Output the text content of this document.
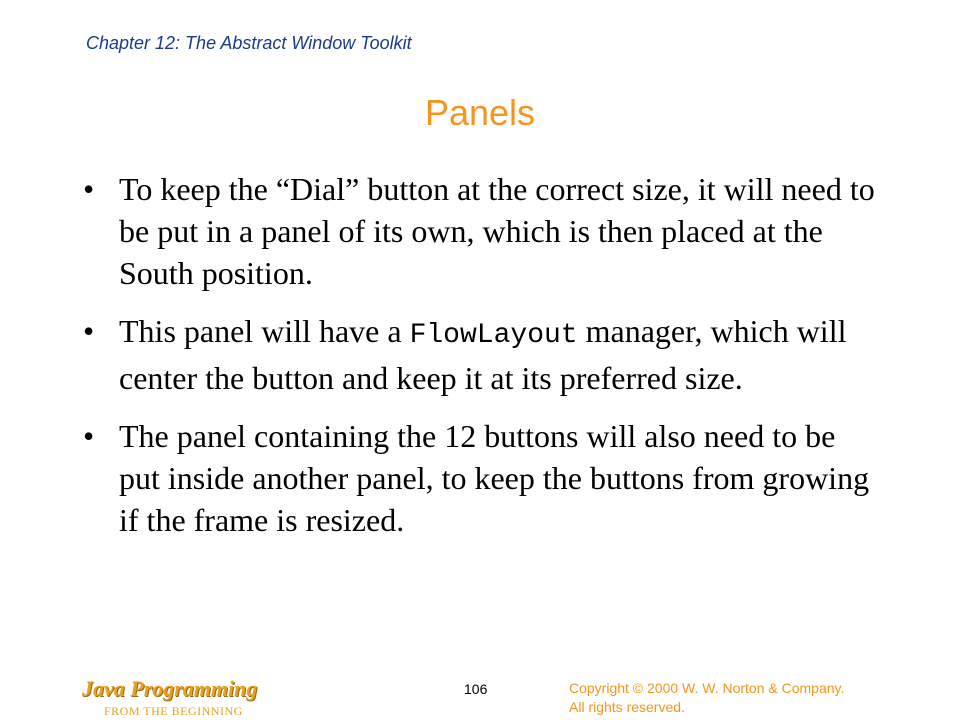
Chapter 12: The Abstract Window Toolkit
Panels
• To keep the “Dial” button at the correct size, it will need to be put in a panel of its own, which is then placed at the South position.
• This panel will have a FlowLayout manager, which will center the button and keep it at its preferred size.
• The panel containing the 12 buttons will also need to be put inside another panel, to keep the buttons from growing if the frame is resized.
Java Programming
FROM THE BEGINNING
106	Copyright © 2000 W. W. Norton & Company.
All rights reserved.
